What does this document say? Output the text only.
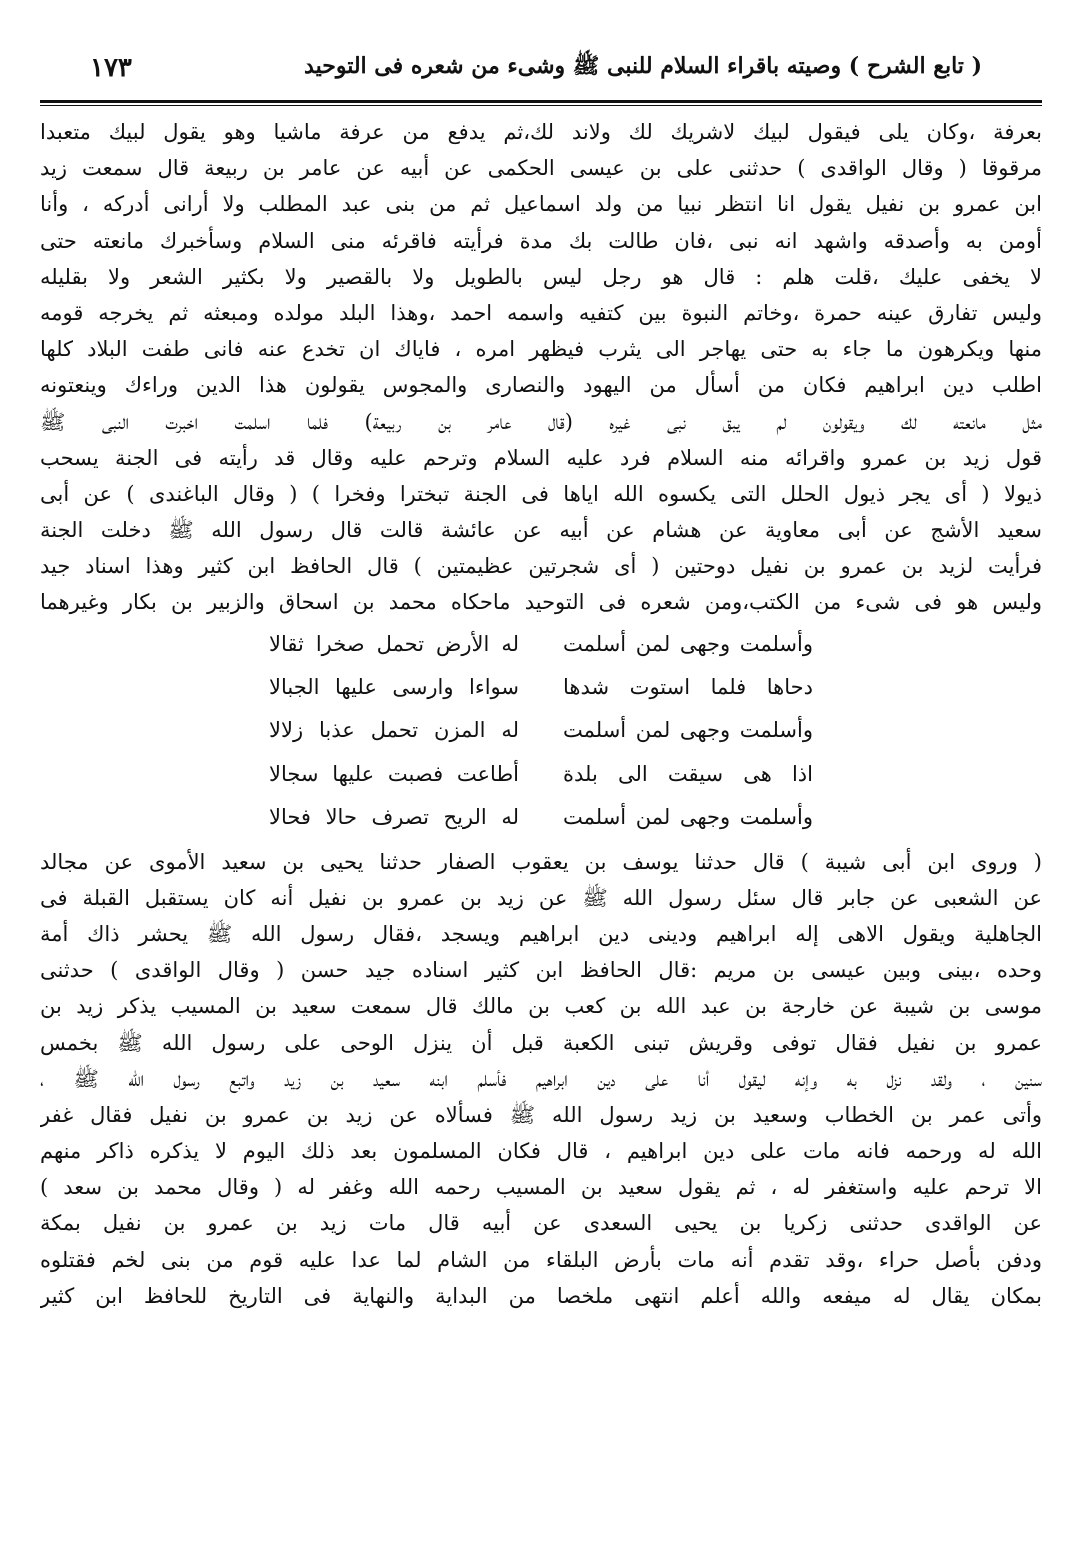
( تابع الشرح ) وصيته باقراء السلام للنبى ﷺ وشىء من شعره فى التوحيد
١٧٣
بعرفة ،وكان يلى فيقول لبيك لاشريك لك ولاند لك،ثم يدفع من عرفة ماشيا وهو يقول لبيك متعبدا
مرقوقا ( وقال الواقدى ) حدثنى على بن عيسى الحكمى عن أبيه عن عامر بن ربيعة قال سمعت زيد
ابن عمرو بن نفيل يقول انا انتظر نبيا من ولد اسماعيل ثم من بنى عبد المطلب ولا أرانى أدركه ، وأنا
أومن به وأصدقه واشهد انه نبى ،فان طالت بك مدة فرأيته فاقرئه منى السلام وسأخبرك مانعته حتى
لا يخفى عليك ،قلت هلم : قال هو رجل ليس بالطويل ولا بالقصير ولا بكثير الشعر ولا بقليله
وليس تفارق عينه حمرة ،وخاتم النبوة بين كتفيه واسمه احمد ،وهذا البلد مولده ومبعثه ثم يخرجه قومه
منها ويكرهون ما جاء به حتى يهاجر الى يثرب فيظهر امره ، فاياك ان تخدع عنه فانى طفت البلاد كلها
اطلب دين ابراهيم فكان من أسأل من اليهود والنصارى والمجوس يقولون هذا الدين وراءك وينعتونه
مثل مانعته لك ويقولون لم يبق نبى غيره (قال عامر بن ربيعة) فلما اسلمت اخبرت النبى ﷺ
قول زيد بن عمرو واقرائه منه السلام فرد عليه السلام وترحم عليه وقال قد رأيته فى الجنة يسحب
ذيولا ( أى يجر ذيول الحلل التى يكسوه الله اياها فى الجنة تبخترا وفخرا ) ( وقال الباغندى ) عن أبى
سعيد الأشج عن أبى معاوية عن هشام عن أبيه عن عائشة قالت قال رسول الله ﷺ دخلت الجنة
فرأيت لزيد بن عمرو بن نفيل دوحتين ( أى شجرتين عظيمتين ) قال الحافظ ابن كثير وهذا اسناد جيد
وليس هو فى شىء من الكتب،ومن شعره فى التوحيد ماحكاه محمد بن اسحاق والزبير بن بكار وغيرهما
وأسلمت وجهى لمن أسلمت
له الأرض تحمل صخرا ثقالا
دحاها فلما استوت شدها
سواءا وارسى عليها الجبالا
وأسلمت وجهى لمن أسلمت
له المزن تحمل عذبا زلالا
اذا هى سيقت الى بلدة
أطاعت فصبت عليها سجالا
وأسلمت وجهى لمن أسلمت
له الريح تصرف حالا فحالا
( وروى ابن أبى شيبة ) قال حدثنا يوسف بن يعقوب الصفار حدثنا يحيى بن سعيد الأموى عن مجالد
عن الشعبى عن جابر قال سئل رسول الله ﷺ عن زيد بن عمرو بن نفيل أنه كان يستقبل القبلة فى
الجاهلية ويقول الاهى إله ابراهيم ودينى دين ابراهيم ويسجد ،فقال رسول الله ﷺ يحشر ذاك أمة
وحده ،بينى وبين عيسى بن مريم :قال الحافظ ابن كثير اسناده جيد حسن ( وقال الواقدى ) حدثنى
موسى بن شيبة عن خارجة بن عبد الله بن كعب بن مالك قال سمعت سعيد بن المسيب يذكر زيد بن
عمرو بن نفيل فقال توفى وقريش تبنى الكعبة قبل أن ينزل الوحى على رسول الله ﷺ بخمس
سنين ، ولقد نزل به وإنه ليقول أنا على دين ابراهيم فأسلم ابنه سعيد بن زيد واتبع رسول الله ﷺ ،
وأتى عمر بن الخطاب وسعيد بن زيد رسول الله ﷺ فسألاه عن زيد بن عمرو بن نفيل فقال غفر
الله له ورحمه فانه مات على دين ابراهيم ، قال فكان المسلمون بعد ذلك اليوم لا يذكره ذاكر منهم
الا ترحم عليه واستغفر له ، ثم يقول سعيد بن المسيب رحمه الله وغفر له ( وقال محمد بن سعد )
عن الواقدى حدثنى زكريا بن يحيى السعدى عن أبيه قال مات زيد بن عمرو بن نفيل بمكة
ودفن بأصل حراء ،وقد تقدم أنه مات بأرض البلقاء من الشام لما عدا عليه قوم من بنى لخم فقتلوه
بمكان يقال له ميفعه والله أعلم انتهى ملخصا من البداية والنهاية فى التاريخ للحافظ ابن كثير
